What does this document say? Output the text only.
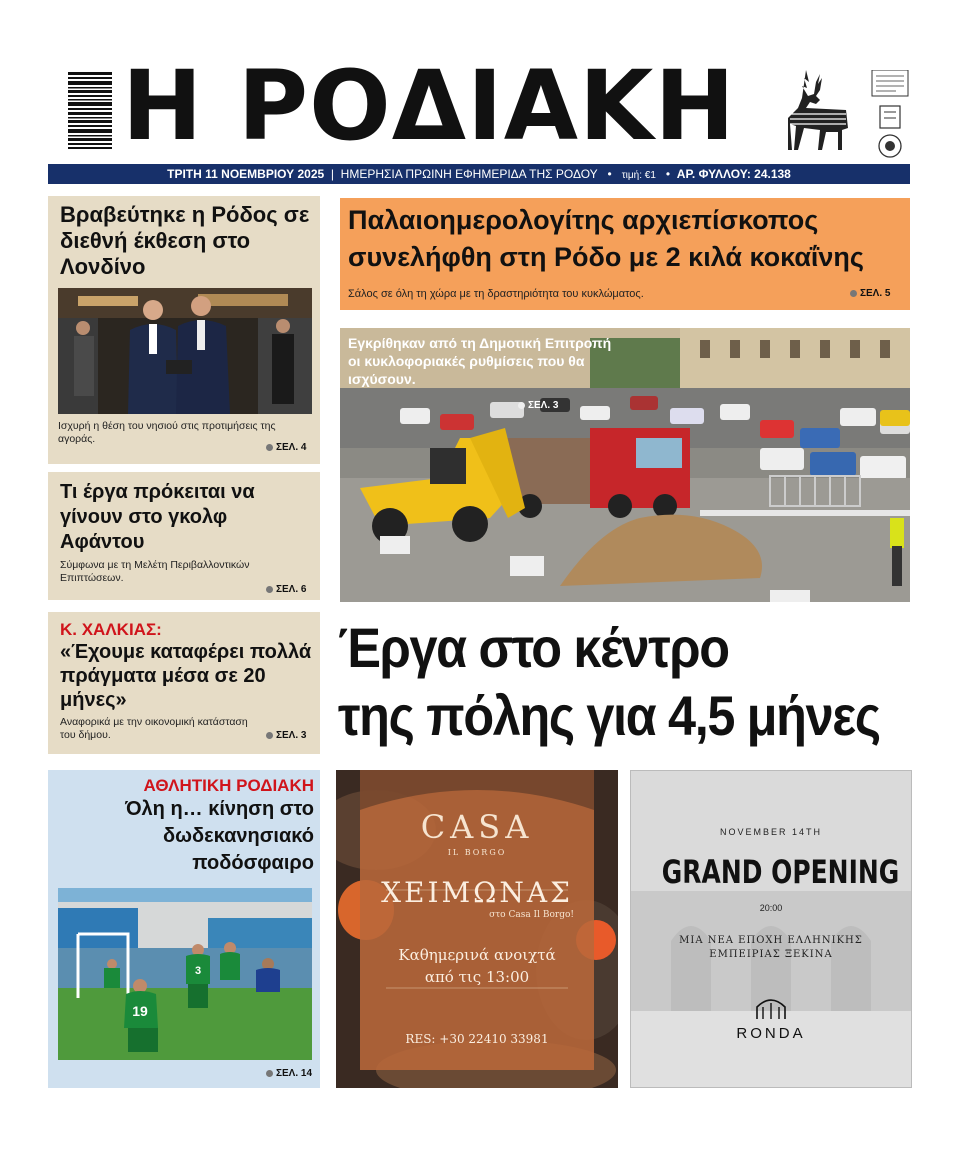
Η ΡΟΔΙΑΚΗ
ΤΡΙΤΗ 11 ΝΟΕΜΒΡΙΟΥ 2025 | ΗΜΕΡΗΣΙΑ ΠΡΩΙΝΗ ΕΦΗΜΕΡΙΔΑ ΤΗΣ ΡΟΔΟΥ • τιμή: €1 • ΑΡ. ΦΥΛΛΟΥ: 24.138
Βραβεύτηκε η Ρόδος σε διεθνή έκθεση στο Λονδίνο
Ισχυρή η θέση του νησιού στις προτιμήσεις της αγοράς.
ΣΕΛ. 4
Τι έργα πρόκειται να γίνουν στο γκολφ Αφάντου
Σύμφωνα με τη Μελέτη Περιβαλλοντικών Επιπτώσεων.
ΣΕΛ. 6
Κ. ΧΑΛΚΙΑΣ:
«Έχουμε καταφέρει πολλά πράγματα μέσα σε 20 μήνες»
Αναφορικά με την οικονομική κατάσταση του δήμου.	ΣΕΛ. 3
Παλαιοημερολογίτης αρχιεπίσκοπος συνελήφθη στη Ρόδο με 2 κιλά κοκαΐνης
Σάλος σε όλη τη χώρα με τη δραστηριότητα του κυκλώματος.	ΣΕΛ. 5
Εγκρίθηκαν από τη Δημοτική Επιτροπή οι κυκλοφοριακές ρυθμίσεις που θα ισχύσουν.
ΣΕΛ. 3
Έργα στο κέντρο
της πόλης για 4,5 μήνες
ΑΘΛΗΤΙΚΗ ΡΟΔΙΑΚΗ
Όλη η… κίνηση στο δωδεκανησιακό ποδόσφαιρο
19
3
ΣΕΛ. 14
CASA
IL BORGO
ΧΕΙΜΩΝΑΣ
στο Casa Il Borgo!
Καθημερινά ανοιχτά
από τις 13:00
RES: +30 22410 33981
NOVEMBER 14TH
GRAND OPENING
20:00
ΜΙΑ ΝΕΑ ΕΠΟΧΗ ΕΛΛΗΝΙΚΗΣ
ΕΜΠΕΙΡΙΑΣ ΞΕΚΙΝΑ
RONDA
